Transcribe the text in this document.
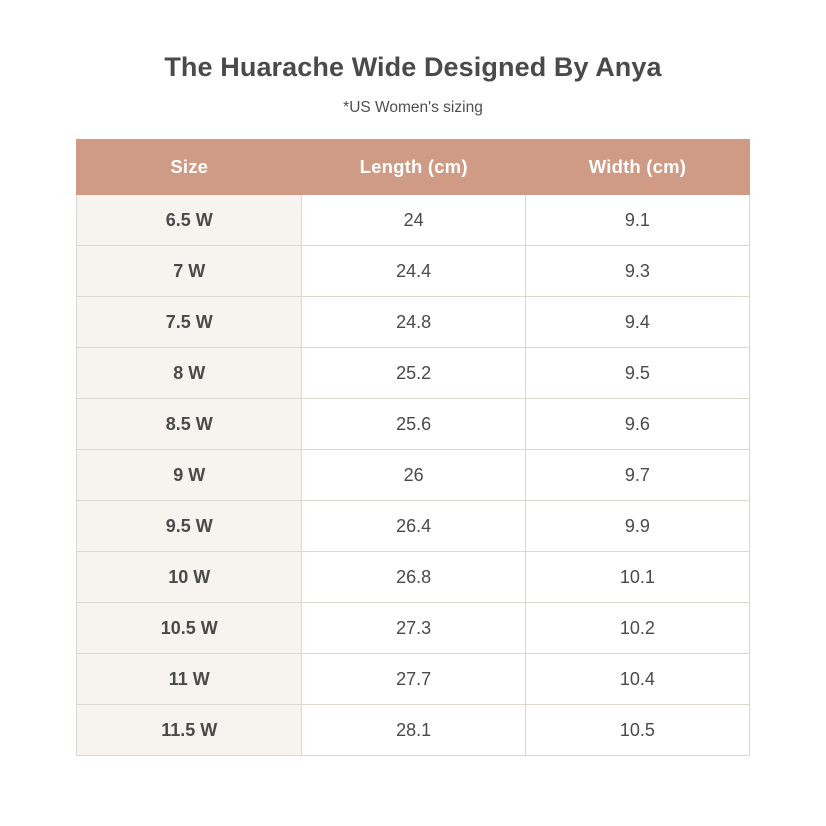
The Huarache Wide Designed By Anya

*US Women's sizing

Size	Length (cm)	Width (cm)
6.5 W	24	9.1
7 W	24.4	9.3
7.5 W	24.8	9.4
8 W	25.2	9.5
8.5 W	25.6	9.6
9 W	26	9.7
9.5 W	26.4	9.9
10 W	26.8	10.1
10.5 W	27.3	10.2
11 W	27.7	10.4
11.5 W	28.1	10.5
